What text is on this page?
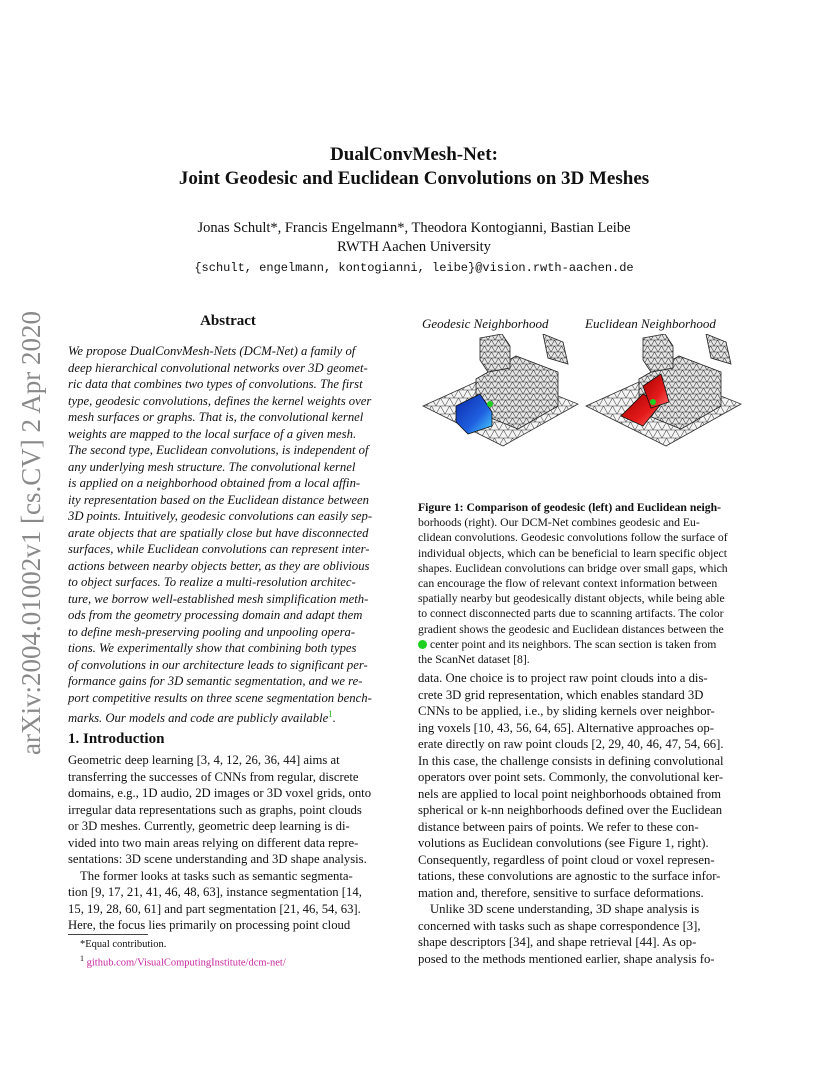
DualConvMesh-Net:
Joint Geodesic and Euclidean Convolutions on 3D Meshes
Jonas Schult*, Francis Engelmann*, Theodora Kontogianni, Bastian Leibe
RWTH Aachen University
{schult, engelmann, kontogianni, leibe}@vision.rwth-aachen.de
arXiv:2004.01002v1 [cs.CV] 2 Apr 2020	Abstract

We propose DualConvMesh-Nets (DCM-Net) a family of

deep hierarchical convolutional networks over 3D geomet-

ric data that combines two types of convolutions. The first

type, geodesic convolutions, defines the kernel weights over

mesh surfaces or graphs. That is, the convolutional kernel

weights are mapped to the local surface of a given mesh.

The second type, Euclidean convolutions, is independent of

any underlying mesh structure. The convolutional kernel

is applied on a neighborhood obtained from a local affin-

ity representation based on the Euclidean distance between

3D points. Intuitively, geodesic convolutions can easily sep-

arate objects that are spatially close but have disconnected

surfaces, while Euclidean convolutions can represent inter-

actions between nearby objects better, as they are oblivious

to object surfaces. To realize a multi-resolution architec-

ture, we borrow well-established mesh simplification meth-

ods from the geometry processing domain and adapt them

to define mesh-preserving pooling and unpooling opera-

tions. We experimentally show that combining both types

of convolutions in our architecture leads to significant per-

formance gains for 3D semantic segmentation, and we re-

port competitive results on three scene segmentation bench-

marks. Our models and code are publicly available$^1$.

1. Introduction

Geometric deep learning [3, 4, 12, 26, 36, 44] aims at

transferring the successes of CNNs from regular, discrete

domains, e.g., 1D audio, 2D images or 3D voxel grids, onto

irregular data representations such as graphs, point clouds

or 3D meshes. Currently, geometric deep learning is di-

vided into two main areas relying on different data repre-

sentations: 3D scene understanding and 3D shape analysis.

The former looks at tasks such as semantic segmenta-

tion [9, 17, 21, 41, 46, 48, 63], instance segmentation [14,

15, 19, 28, 60, 61] and part segmentation [21, 46, 54, 63].

Here, the focus lies primarily on processing point cloud

*Equal contribution.
$^1$ github.com/VisualComputingInstitute/dcm-net/
Geodesic Neighborhood	Euclidean Neighborhood

Figure 1: Comparison of geodesic (left) and Euclidean neigh-

borhoods (right). Our DCM-Net combines geodesic and Eu-

clidean convolutions. Geodesic convolutions follow the surface of

individual objects, which can be beneficial to learn specific object

shapes. Euclidean convolutions can bridge over small gaps, which

can encourage the flow of relevant context information between

spatially nearby but geodesically distant objects, while being able

to connect disconnected parts due to scanning artifacts. The color

gradient shows the geodesic and Euclidean distances between the

center point and its neighbors. The scan section is taken from

the ScanNet dataset [8].

data. One choice is to project raw point clouds into a dis-

crete 3D grid representation, which enables standard 3D

CNNs to be applied, i.e., by sliding kernels over neighbor-

ing voxels [10, 43, 56, 64, 65]. Alternative approaches op-

erate directly on raw point clouds [2, 29, 40, 46, 47, 54, 66].

In this case, the challenge consists in defining convolutional

operators over point sets. Commonly, the convolutional ker-

nels are applied to local point neighborhoods obtained from

spherical or k-nn neighborhoods defined over the Euclidean

distance between pairs of points. We refer to these con-

volutions as Euclidean convolutions (see Figure 1, right).

Consequently, regardless of point cloud or voxel represen-

tations, these convolutions are agnostic to the surface infor-

mation and, therefore, sensitive to surface deformations.

Unlike 3D scene understanding, 3D shape analysis is

concerned with tasks such as shape correspondence [3],

shape descriptors [34], and shape retrieval [44]. As op-

posed to the methods mentioned earlier, shape analysis fo-
